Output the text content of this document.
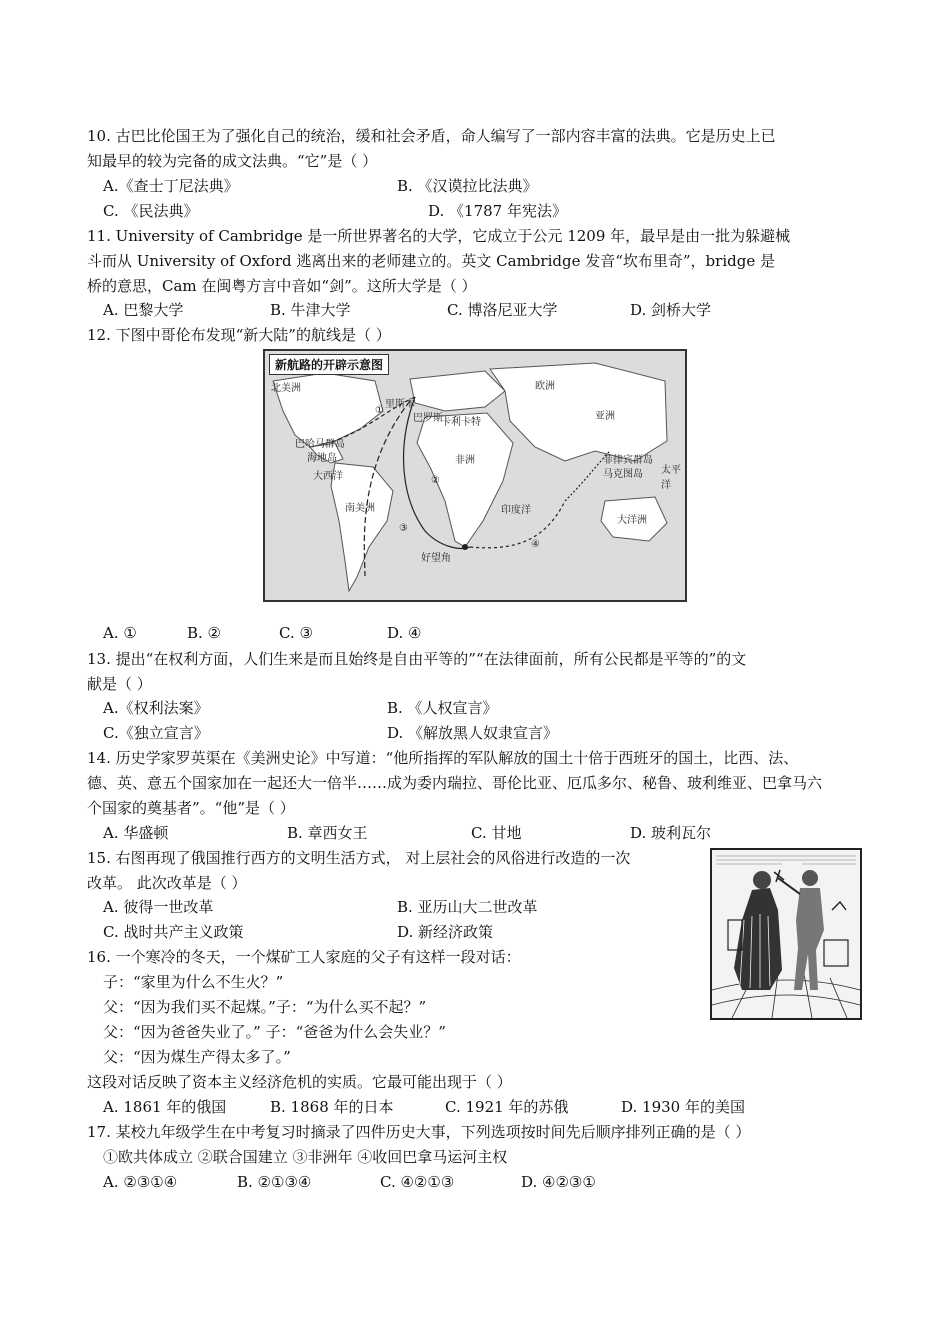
10. 古巴比伦国王为了强化自己的统治，缓和社会矛盾，命人编写了一部内容丰富的法典。它是历史上已
知最早的较为完备的成文法典。“它”是（ ）
A.《查士丁尼法典》	B. 《汉谟拉比法典》
C. 《民法典》	D. 《1787 年宪法》
11. University of Cambridge 是一所世界著名的大学，它成立于公元 1209 年，最早是由一批为躲避械
斗而从 University of Oxford 逃离出来的老师建立的。英文 Cambridge 发音“坎布里奇”，bridge 是
桥的意思，Cam 在闽粤方言中音如“剑”。这所大学是（ ）
A. 巴黎大学	B. 牛津大学	C. 博洛尼亚大学	D. 剑桥大学
12. 下图中哥伦布发现“新大陆”的航线是（ ）
新航路的开辟示意图
北美洲
南美洲
欧洲
亚洲
非洲
大西洋
印度洋
太平洋
大洋洲
里斯本
巴罗斯
巴哈马群岛
海地岛
好望角
卡利卡特
菲律宾群岛
马克图岛
①
②
③
④
A. ①	B. ②	C. ③	D. ④
13. 提出“在权利方面，人们生来是而且始终是自由平等的”“在法律面前，所有公民都是平等的”的文
献是（ ）
A.《权利法案》	B. 《人权宣言》
C.《独立宣言》	D. 《解放黑人奴隶宣言》
14. 历史学家罗英渠在《美洲史论》中写道：“他所指挥的军队解放的国土十倍于西班牙的国土，比西、法、
德、英、意五个国家加在一起还大一倍半……成为委内瑞拉、哥伦比亚、厄瓜多尔、秘鲁、玻利维亚、巴拿马六
个国家的奠基者”。“他”是（ ）
A. 华盛顿	B. 章西女王	C. 甘地	D. 玻利瓦尔
15. 右图再现了俄国推行西方的文明生活方式， 对上层社会的风俗进行改造的一次
改革。 此次改革是（ ）
A. 彼得一世改革	B. 亚历山大二世改革
C. 战时共产主义政策	D. 新经济政策
16. 一个寒冷的冬天，一个煤矿工人家庭的父子有这样一段对话：
子：“家里为什么不生火？”
父：“因为我们买不起煤。”子：“为什么买不起？”
父：“因为爸爸失业了。” 子：“爸爸为什么会失业？”
父：“因为煤生产得太多了。”
这段对话反映了资本主义经济危机的实质。它最可能出现于（ ）
A. 1861 年的俄国	B. 1868 年的日本	C. 1921 年的苏俄	D. 1930 年的美国
17. 某校九年级学生在中考复习时摘录了四件历史大事，下列选项按时间先后顺序排列正确的是（ ）
①欧共体成立 ②联合国建立 ③非洲年 ④收回巴拿马运河主权
A. ②③①④	B. ②①③④	C. ④②①③	D. ④②③①
